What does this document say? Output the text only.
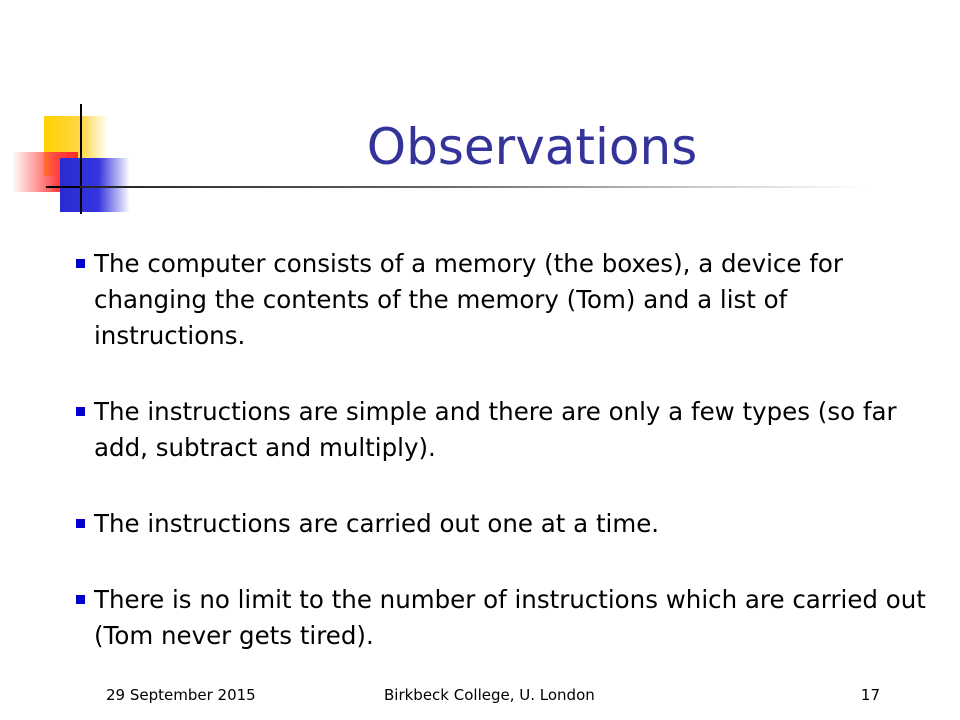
Observations
The computer consists of a memory (the boxes), a device for changing the contents of the memory (Tom) and a list of instructions.
The instructions are simple and there are only a few types (so far add, subtract and multiply).
The instructions are carried out one at a time.
There is no limit to the number of instructions which are carried out (Tom never gets tired).
29 September 2015	Birkbeck College, U. London	17
